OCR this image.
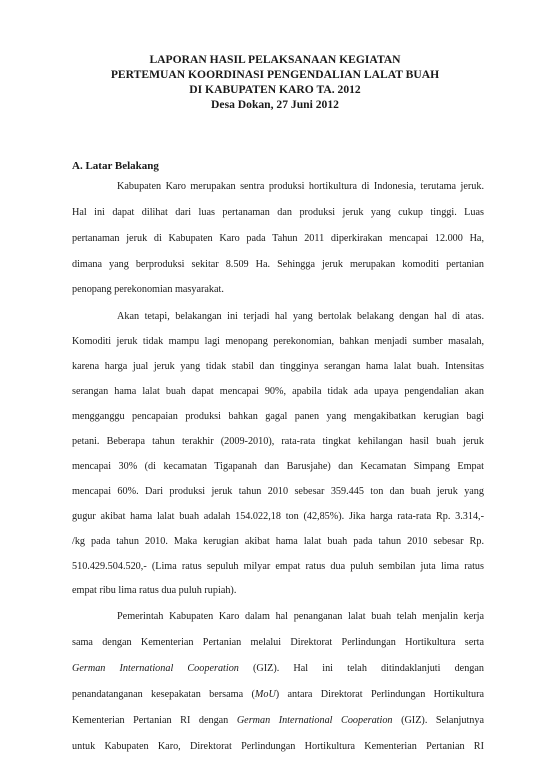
LAPORAN HASIL PELAKSANAAN KEGIATAN
PERTEMUAN KOORDINASI PENGENDALIAN LALAT BUAH
DI KABUPATEN KARO TA. 2012
Desa Dokan, 27 Juni 2012
A. Latar Belakang
Kabupaten Karo merupakan sentra produksi hortikultura di Indonesia, terutama jeruk.
Hal ini dapat dilihat dari luas pertanaman dan produksi jeruk yang cukup tinggi. Luas
pertanaman jeruk di Kabupaten Karo pada Tahun 2011 diperkirakan mencapai 12.000 Ha,
dimana yang berproduksi sekitar 8.509 Ha. Sehingga jeruk merupakan komoditi pertanian
penopang perekonomian masyarakat.
Akan tetapi, belakangan ini terjadi hal yang bertolak belakang dengan hal di atas.
Komoditi jeruk tidak mampu lagi menopang perekonomian, bahkan menjadi sumber masalah,
karena harga jual jeruk yang tidak stabil dan tingginya serangan hama lalat buah. Intensitas
serangan hama lalat buah dapat mencapai 90%, apabila tidak ada upaya pengendalian akan
mengganggu pencapaian produksi bahkan gagal panen yang mengakibatkan kerugian bagi
petani. Beberapa tahun terakhir (2009-2010), rata-rata tingkat kehilangan hasil buah jeruk
mencapai 30% (di kecamatan Tigapanah dan Barusjahe) dan Kecamatan Simpang Empat
mencapai 60%. Dari produksi jeruk tahun 2010 sebesar 359.445 ton dan buah jeruk yang
gugur akibat hama lalat buah adalah 154.022,18 ton (42,85%). Jika harga rata-rata Rp. 3.314,-
/kg pada tahun 2010. Maka kerugian akibat hama lalat buah pada tahun 2010 sebesar Rp.
510.429.504.520,- (Lima ratus sepuluh milyar empat ratus dua puluh sembilan juta lima ratus
empat ribu lima ratus dua puluh rupiah).
Pemerintah Kabupaten Karo dalam hal penanganan lalat buah telah menjalin kerja
sama dengan Kementerian Pertanian melalui Direktorat Perlindungan Hortikultura serta
German International Cooperation (GIZ). Hal ini telah ditindaklanjuti dengan
penandatanganan kesepakatan bersama (MoU) antara Direktorat Perlindungan Hortikultura
Kementerian Pertanian RI dengan German International Cooperation (GIZ). Selanjutnya
untuk Kabupaten Karo, Direktorat Perlindungan Hortikultura Kementerian Pertanian RI
